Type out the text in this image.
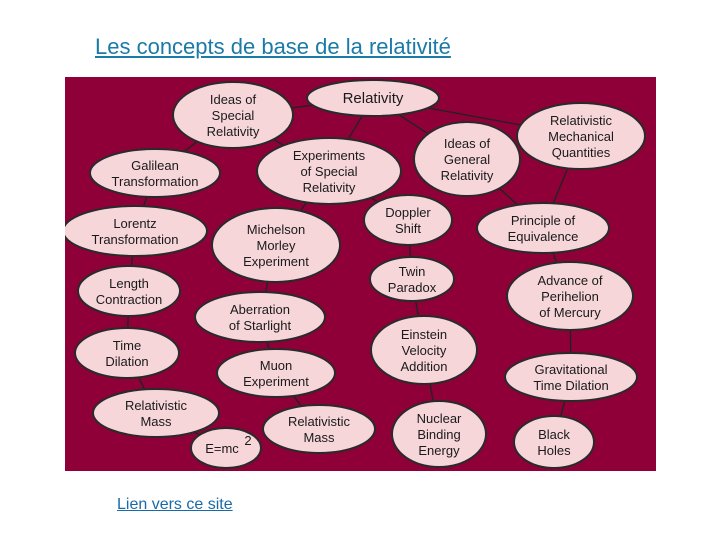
Les concepts de base de la relativité
Relativity
Ideas of
Special
Relativity
Relativistic
Mechanical
Quantities
Galilean
Transformation
Experiments
of Special
Relativity
Ideas of
General
Relativity
Lorentz
Transformation
Michelson
Morley
Experiment
Doppler
Shift
Principle of
Equivalence
Length
Contraction
Twin
Paradox	Advance of
Perihelion
of Mercury
Aberration
of Starlight
Time
Dilation
Einstein
Velocity
Addition
Muon
Experiment
Gravitational
Time Dilation
Relativistic
Mass	Relativistic
Mass
Nuclear
Binding
Energy
Black
Holes
E=mc
2
Lien vers ce site
